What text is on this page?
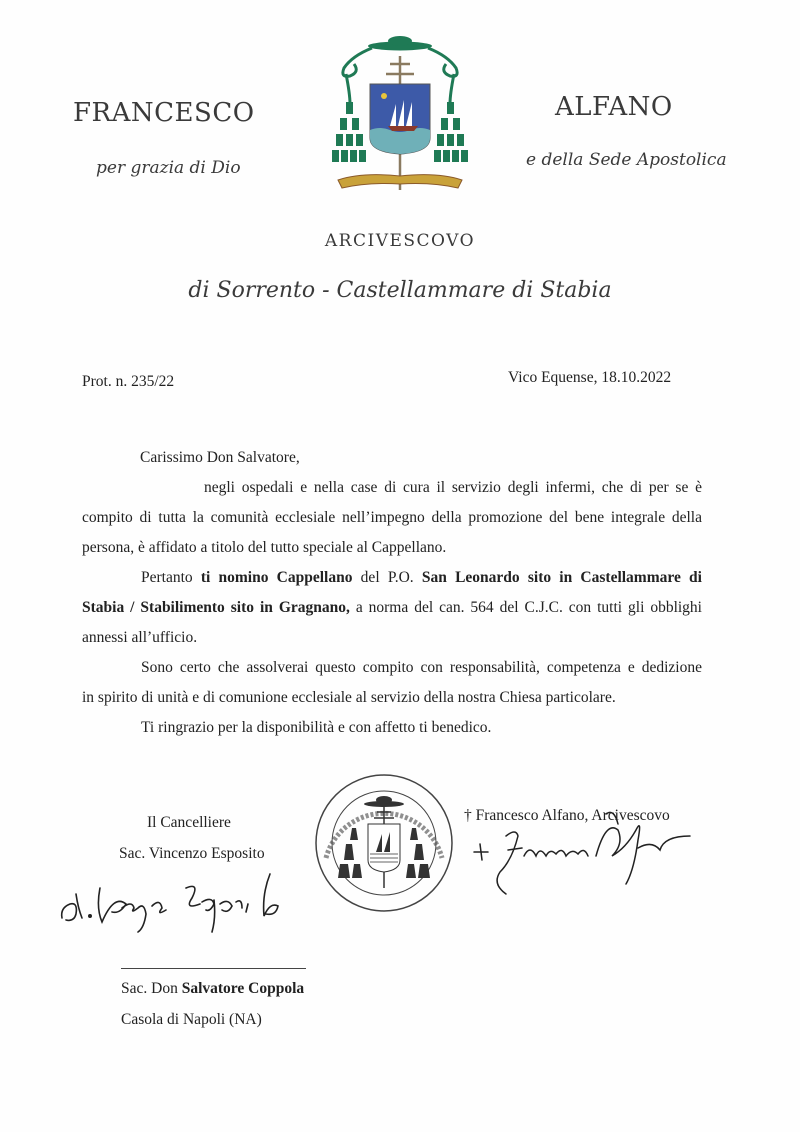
FRANCESCO	ALFANO
per grazia di Dio	e della Sede Apostolica
ARCIVESCOVO
di Sorrento - Castellammare di Stabia
Prot. n. 235/22	Vico Equense, 18.10.2022
Carissimo Don Salvatore,
negli ospedali e nella case di cura il servizio degli infermi, che di per se è
compito di tutta la comunità ecclesiale nell’impegno della promozione del bene integrale della
persona, è affidato a titolo del tutto speciale al Cappellano.
Pertanto ti nomino Cappellano del P.O. San Leonardo sito in Castellammare di
Stabia / Stabilimento sito in Gragnano, a norma del can. 564 del C.J.C. con tutti gli obblighi
annessi all’ufficio.
Sono certo che assolverai questo compito con responsabilità, competenza e dedizione
in spirito di unità e di comunione ecclesiale al servizio della nostra Chiesa particolare.
Ti ringrazio per la disponibilità e con affetto ti benedico.
Il Cancelliere
Sac. Vincenzo Esposito
† Francesco Alfano, Arcivescovo
Sac. Don Salvatore Coppola
Casola di Napoli (NA)
